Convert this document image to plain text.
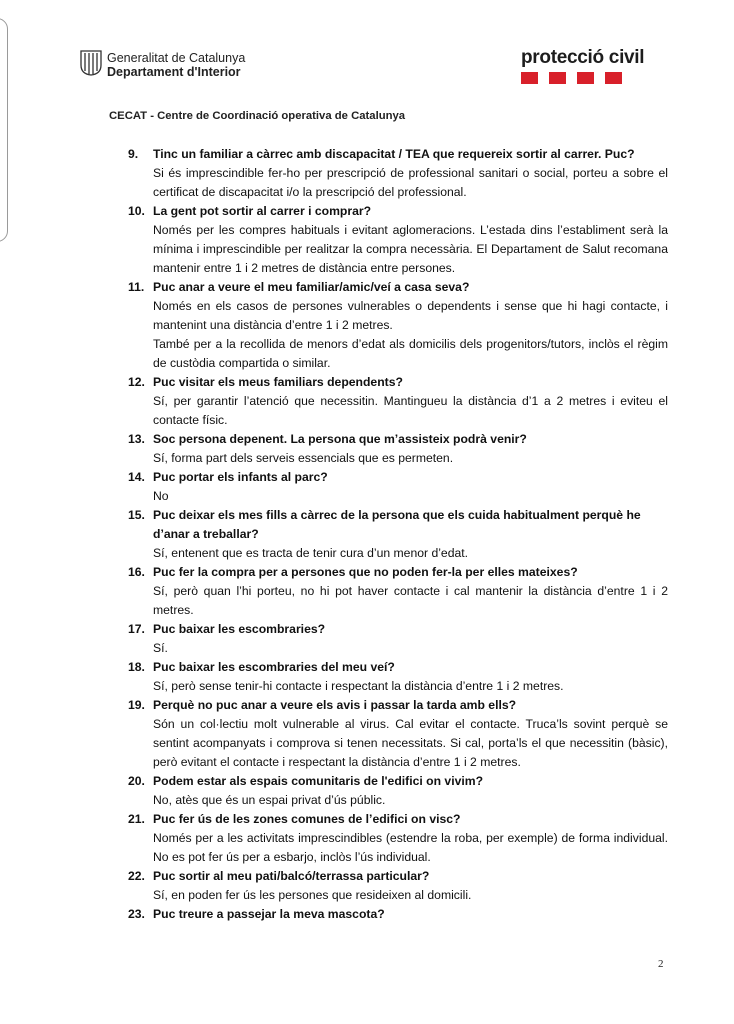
Generalitat de Catalunya
Departament d'Interior
protecció civil
CECAT - Centre de Coordinació operativa de Catalunya
9. Tinc un familiar a càrrec amb discapacitat / TEA que requereix sortir al carrer. Puc?
Si és imprescindible fer-ho per prescripció de professional sanitari o social, porteu a sobre el certificat de discapacitat i/o la prescripció del professional.
10. La gent pot sortir al carrer i comprar?
Només per les compres habituals i evitant aglomeracions. L’estada dins l’establiment serà la mínima i imprescindible per realitzar la compra necessària. El Departament de Salut recomana mantenir entre 1 i 2 metres de distància entre persones.
11. Puc anar a veure el meu familiar/amic/veí a casa seva?
Només en els casos de persones vulnerables o dependents i sense que hi hagi contacte, i mantenint una distància d’entre 1 i 2 metres.
També per a la recollida de menors d’edat als domicilis dels progenitors/tutors, inclòs el règim de custòdia compartida o similar.
12. Puc visitar els meus familiars dependents?
Sí, per garantir l’atenció que necessitin. Mantingueu la distància d’1 a 2 metres i eviteu el contacte físic.
13. Soc persona depenent. La persona que m’assisteix podrà venir?
Sí, forma part dels serveis essencials que es permeten.
14. Puc portar els infants al parc?
No
15. Puc deixar els mes fills a càrrec de la persona que els cuida habitualment perquè he d’anar a treballar?
Sí, entenent que es tracta de tenir cura d’un menor d’edat.
16. Puc fer la compra per a persones que no poden fer-la per elles mateixes?
Sí, però quan l’hi porteu, no hi pot haver contacte i cal mantenir la distància d’entre 1 i 2 metres.
17. Puc baixar les escombraries?
Sí.
18. Puc baixar les escombraries del meu veí?
Sí, però sense tenir-hi contacte i respectant la distància d’entre 1 i 2 metres.
19. Perquè no puc anar a veure els avis i passar la tarda amb ells?
Són un col·lectiu molt vulnerable al virus. Cal evitar el contacte. Truca’ls sovint perquè se sentint acompanyats i comprova si tenen necessitats. Si cal, porta’ls el que necessitin (bàsic), però evitant el contacte i respectant la distància d’entre 1 i 2 metres.
20. Podem estar als espais comunitaris de l'edifici on vivim?
No, atès que és un espai privat d’ús públic.
21. Puc fer ús de les zones comunes de l’edifici on visc?
Només per a les activitats imprescindibles (estendre la roba, per exemple) de forma individual. No es pot fer ús per a esbarjo, inclòs l’ús individual.
22. Puc sortir al meu pati/balcó/terrassa particular?
Sí, en poden fer ús les persones que resideixen al domicili.
23. Puc treure a passejar la meva mascota?
2
